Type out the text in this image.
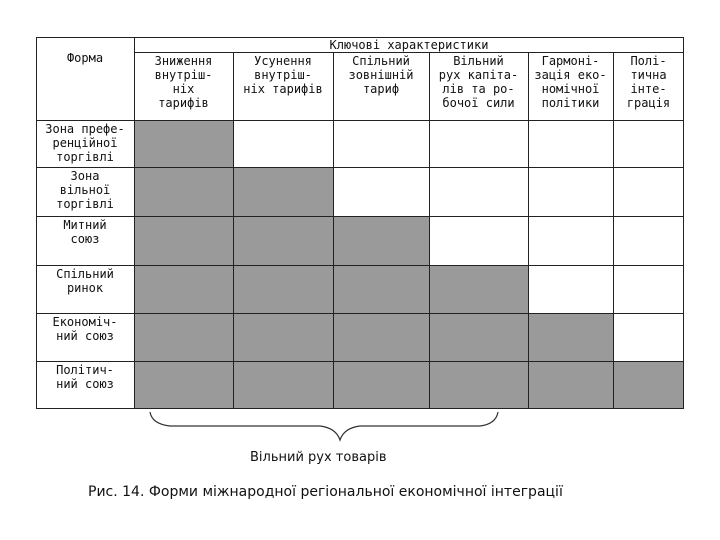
Форма
Ключові характеристики
Зниження
внутріш-
ніх
тарифів
Усунення
внутріш-
ніх тарифів
Спільний
зовнішній
тариф
Вільний
рух капіта-
лів та ро-
бочої сили
Гармоні-
зація еко-
номічної
політики
Полі-
тична
інте-
грація
Зона префе-
ренційної
торгівлі
Зона
вільної
торгівлі
Митний
союз
Спільний
ринок
Економіч-
ний союз
Політич-
ний союз
Вільний рух товарів
Рис. 14. Форми міжнародної регіональної економічної інтеграції
